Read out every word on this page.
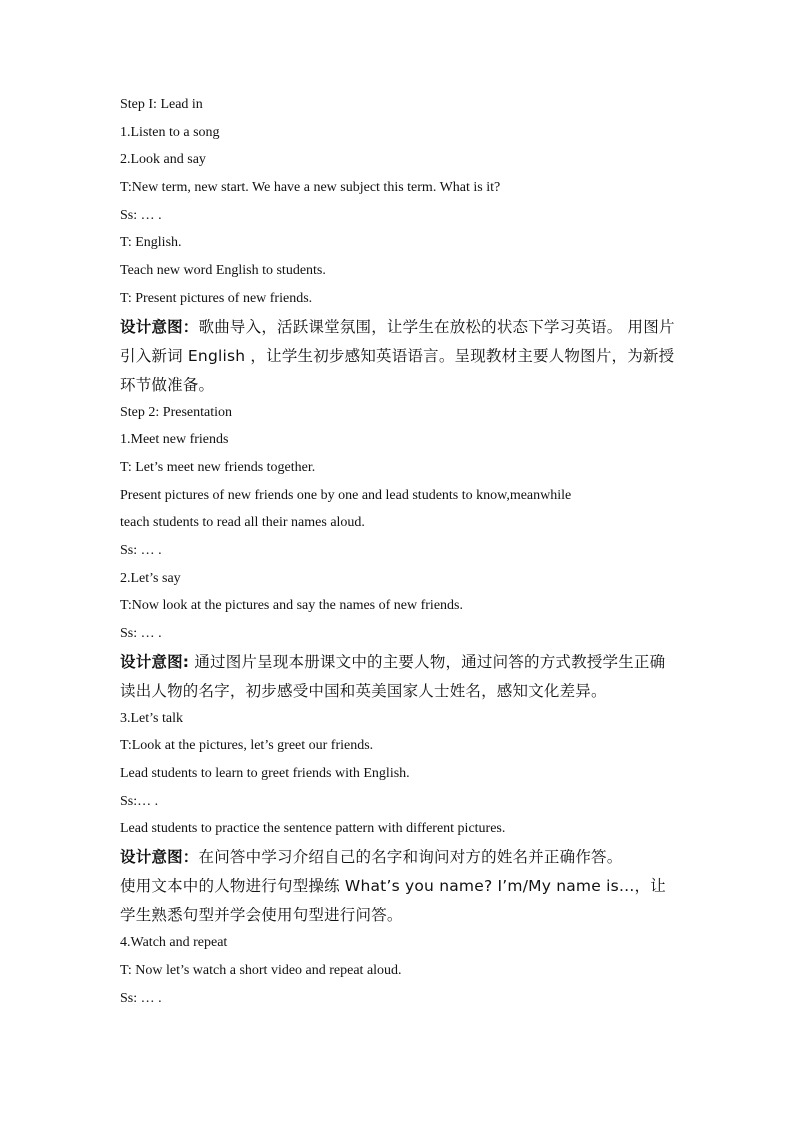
Step I: Lead in

1.Listen to a song

2.Look and say

T:New term, new start. We have a new subject this term. What is it?

Ss: … .

T: English.

Teach new word English to students.

T: Present pictures of new friends.

设计意图：歌曲导入，活跃课堂氛围，让学生在放松的状态下学习英语。 用图片引入新词 English ，让学生初步感知英语语言。呈现教材主要人物图片，为新授环节做准备。

Step 2: Presentation

1.Meet new friends

T: Let’s meet new friends together.

Present pictures of new friends one by one and lead students to know,meanwhile

teach students to read all their names aloud.

Ss: … .

2.Let’s say

T:Now look at the pictures and say the names of new friends.

Ss: … .

设计意图: 通过图片呈现本册课文中的主要人物，通过问答的方式教授学生正确读出人物的名字，初步感受中国和英美国家人士姓名，感知文化差异。

3.Let’s talk

T:Look at the pictures, let’s greet our friends.

Lead students to learn to greet friends with English.

Ss:… .

Lead students to practice the sentence pattern with different pictures.

设计意图：在问答中学习介绍自己的名字和询问对方的姓名并正确作答。

使用文本中的人物进行句型操练 What’s you name? I’m/My name is…，让学生熟悉句型并学会使用句型进行问答。

4.Watch and repeat

T: Now let’s watch a short video and repeat aloud.

Ss: … .
